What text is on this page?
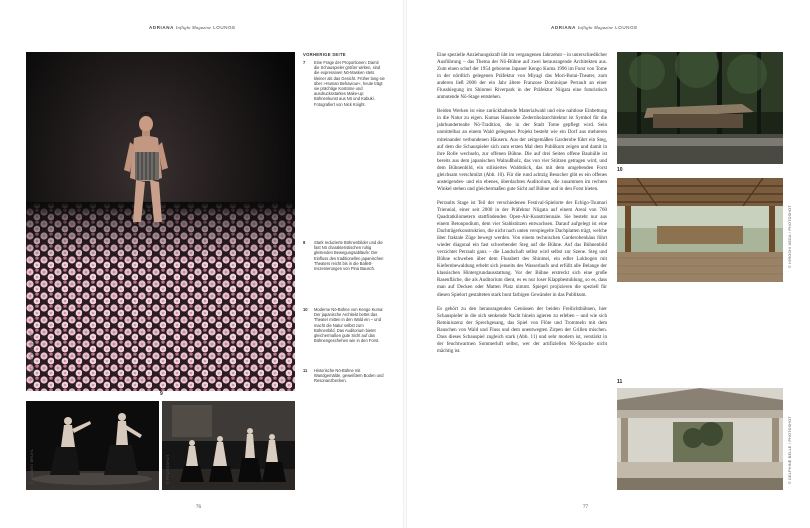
ADRIANA Inflight Magazine LOUNGE	ADRIANA Inflight Magazine LOUNGE
© SUSANNE BERNHARD
9
© LUDWIG BRUHL	© PHOTOSHOT
VORHERIGE SEITE
7 Eine Frage der Proportionen: Damit die Schauspieler größer wirken, sind die expressiven Nō-Masken stets kleiner als das Gesicht. Früher lang sie über »Human Behaviour«, heute trägt sie prächtige Kostüme und ausdrucksstarkes Make-up: Bühnenkunst aus Nō und Kabuki. Fotografiert von Nick Knight.
8 Stark reduzierte Bühnenbilder und die fast Nō charakteristischen ruhig gleitenden Bewegungsabläufe: Der Einfluss des traditionellen japanischen Theaters reicht bis in die Ballett-Inszenierungen von Pina Bausch.
10 Moderne Nō-Bühne von Kengo Kuma: Der japanische Architekt bettet das Theater mitten in den Wald ein – und macht die Natur selbst zum Bühnenbild. Das Auditorium bietet gleichermaßen gute Sicht auf das Bühnengeschehen wie in den Forst.
11 Historische Nō-Bühne mit Wandgemälde, geweißtem Boden und Resonanzbecken.
76

Eine spezielle Anziehungskraft übt im vergangenen Jahrzehnt – in unterschiedlicher Ausführung – das Thema der Nō-Bühne auf zwei herausragende Architekten aus. Zum einen schuf der 1954 geborene Japaner Kengo Kuma 1996 im Forst von Tome in der nördlich gelegenen Präfektur von Miyagi das Mori-Butai-Theater, zum anderen ließ 2006 der ein Jahr ältere Franzose Dominique Perrault an einer Flussbiegung im Shinmei Riverpark in der Präfektur Niigata eine futuristisch anmutende Nō-Stage entstehen.

Beiden Werken ist eine zurückhaltende Materialwahl und eine nahtlose Einbettung in die Natur zu eigen. Kumas Hausrohe Zedernholzarchitektur ist Symbol für die jahrhundertealte Nō-Tradition, die in der Stadt Tome gepflegt wird. Sein unmittelbar an einem Wald gelegenes Projekt besteht wie ein Dorf aus mehreren miteinander verbundenen Häusern. Aus der zeitgemäßen Garderobe führt ein Steg, auf dem die Schauspieler sich zum ersten Mal dem Publikum zeigen und damit in ihre Rolle wechseln, zur offenen Bühne. Die auf drei Seiten offene Bauhülle ist bereits aus dem japanischen Walnußholz, das von vier Stützen getragen wird, und dem Bühnenbild, ein stilisiertes Waldstück, das mit dem umgebenden Forst gleichsam verschmilzt (Abb. 10). Für die rund achtzig Besucher gibt es ein offenes ansteigendes- und ein ebenes, überdachtes Auditorium, die zusammen im rechten Winkel stehen und gleichermaßen gute Sicht auf Bühne und in den Forst bieten.

Perraults Stage ist Teil der verschiedenen Festival-Spielorte der Echigo-Tsumari Triennial, einer seit 2000 in der Präfektur Niigata auf einem Areal von 760 Quadratkilometern stattfindenden Open-Air-Kunsttriennale. Sie besteht nur aus einem Betonpodium, dem vier Stahlstützen entwachsen. Darauf aufgelegt ist eine Dachträgerkonstruktion, die nicht nach unten verspiegelte Dachplatten trägt, welche über fraktale Züge bewegt werden. Von einem technischen Garderobenhäus führt wieder diagonal ein fast schwebender Steg auf die Bühne. Auf das Bühnenbild verzichtet Perrault ganz – die Landschaft selbst wird selbst zur Szene. Steg und Bühne schweben über dem Flussbett des Shinmei, ein edler Lokbogen mit Kiefernbewaldung erhebt sich jenseits des Wasserlaufs und erfüllt alle Belange der klassischen Hintergrundausstattung. Vor der Bühne erstreckt sich eine große Rasenfläche, die als Auditorium dient, es es nur loser Klappbestuhlung, so es, dass man auf Decken oder Matten Platz nimmt. Spiegel projizieren die speziell für diesen Spielort gestalteten stark bunt farbigen Gewänder in das Publikum.

Es gehört zu den herausragenden Genüssen der beiden Freilichtbühnen, hier Schauspieler in die sich senkende Nacht hinein agieren zu erleben – und wie sich Reminiszenz der Sprechgesang, das Spiel von Flöte und Trommeln mit dem Rauschen von Wald und Fluss und dem unentwegten Zirpen der Grillen mischen. Dass dieses Schauspiel zugleich stark (Abb. 11) und sehr modern ist, verstärkt in der feuchtwarmen Sommerluft selbst, wer der artifiziellen Nō-Sprache nicht mächtig ist.

10
© HIROSHI UEDA / PHOTOSHOT
11
© DELPHINE BELLE / PHOTOSHOT
77
